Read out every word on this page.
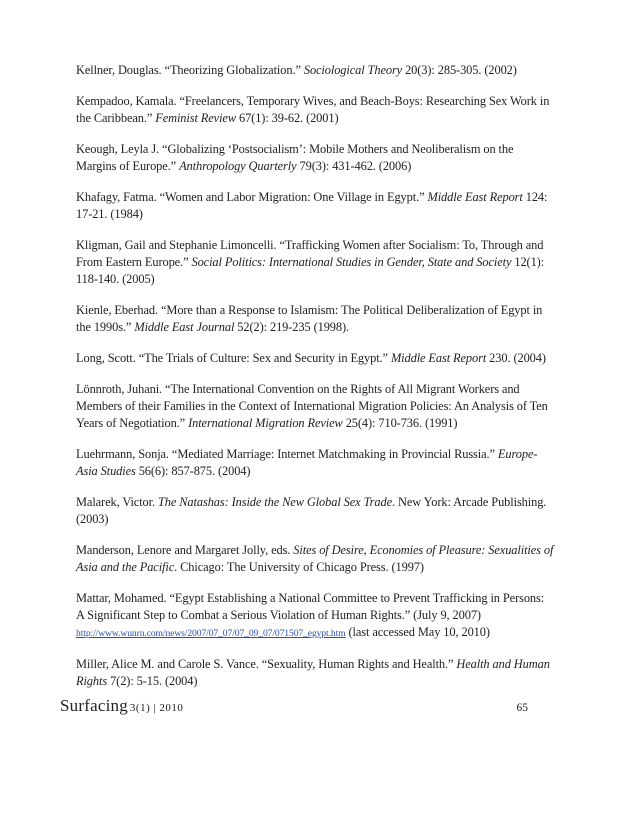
Kellner, Douglas. “Theorizing Globalization.” Sociological Theory 20(3): 285-305. (2002)

Kempadoo, Kamala. “Freelancers, Temporary Wives, and Beach-Boys: Researching Sex Work in the Caribbean.” Feminist Review 67(1): 39-62. (2001)

Keough, Leyla J. “Globalizing ‘Postsocialism’: Mobile Mothers and Neoliberalism on the Margins of Europe.” Anthropology Quarterly 79(3): 431-462. (2006)

Khafagy, Fatma. “Women and Labor Migration: One Village in Egypt.” Middle East Report 124: 17-21. (1984)

Kligman, Gail and Stephanie Limoncelli. “Trafficking Women after Socialism: To, Through and From Eastern Europe.” Social Politics: International Studies in Gender, State and Society 12(1): 118-140. (2005)

Kienle, Eberhad. “More than a Response to Islamism: The Political Deliberalization of Egypt in the 1990s.” Middle East Journal 52(2): 219-235 (1998).

Long, Scott. “The Trials of Culture: Sex and Security in Egypt.” Middle East Report 230. (2004)

Lönnroth, Juhani. “The International Convention on the Rights of All Migrant Workers and Members of their Families in the Context of International Migration Policies: An Analysis of Ten Years of Negotiation.” International Migration Review 25(4): 710-736. (1991)

Luehrmann, Sonja. “Mediated Marriage: Internet Matchmaking in Provincial Russia.” Europe-Asia Studies 56(6): 857-875. (2004)

Malarek, Victor. The Natashas: Inside the New Global Sex Trade. New York: Arcade Publishing. (2003)

Manderson, Lenore and Margaret Jolly, eds. Sites of Desire, Economies of Pleasure: Sexualities of Asia and the Pacific. Chicago: The University of Chicago Press. (1997)

Mattar, Mohamed. “Egypt Establishing a National Committee to Prevent Trafficking in Persons: A Significant Step to Combat a Serious Violation of Human Rights.” (July 9, 2007)
http://www.wunrn.com/news/2007/07_07/07_09_07/071507_egypt.htm (last accessed May 10, 2010)

Miller, Alice M. and Carole S. Vance. “Sexuality, Human Rights and Health.” Health and Human Rights 7(2): 5-15. (2004)

Surfacing 3(1) | 2010	65
